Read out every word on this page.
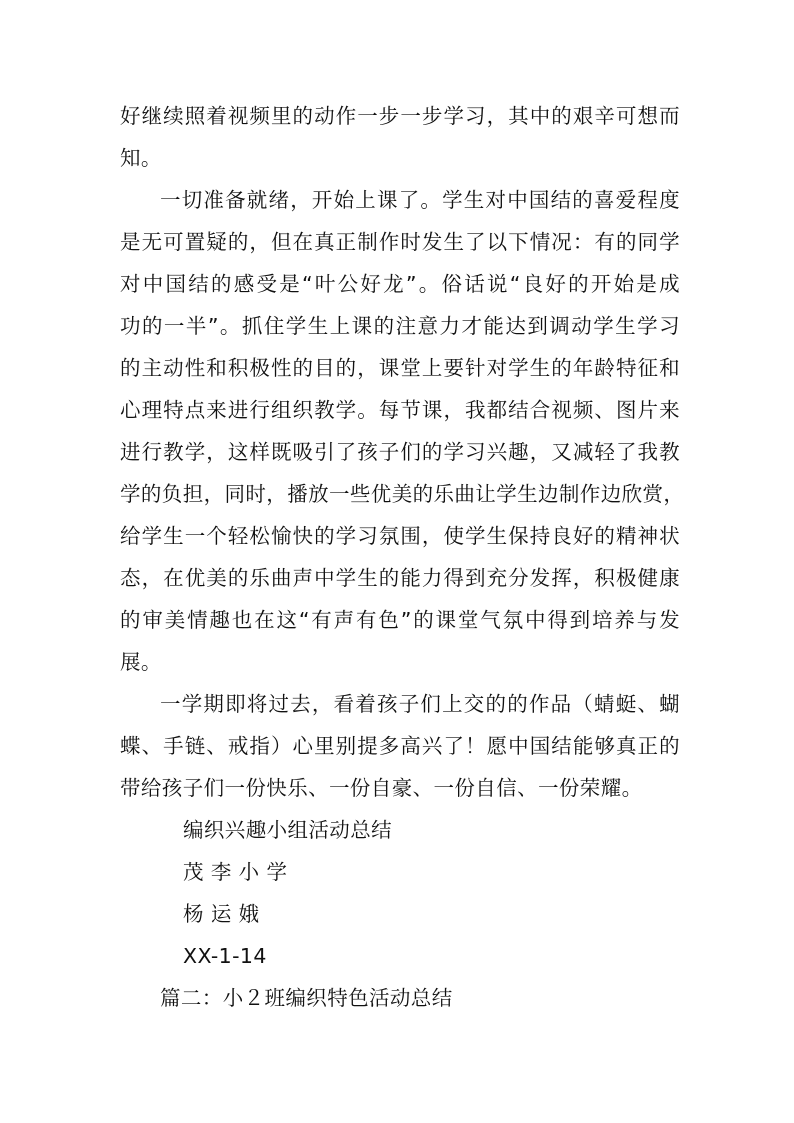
好继续照着视频里的动作一步一步学习，其中的艰辛可想而
知。
一切准备就绪，开始上课了。学生对中国结的喜爱程度
是无可置疑的，但在真正制作时发生了以下情况：有的同学
对中国结的感受是“叶公好龙”。俗话说“良好的开始是成
功的一半”。抓住学生上课的注意力才能达到调动学生学习
的主动性和积极性的目的，课堂上要针对学生的年龄特征和
心理特点来进行组织教学。每节课，我都结合视频、图片来
进行教学，这样既吸引了孩子们的学习兴趣，又减轻了我教
学的负担，同时，播放一些优美的乐曲让学生边制作边欣赏，
给学生一个轻松愉快的学习氛围，使学生保持良好的精神状
态，在优美的乐曲声中学生的能力得到充分发挥，积极健康
的审美情趣也在这“有声有色”的课堂气氛中得到培养与发
展。
一学期即将过去，看着孩子们上交的的作品（蜻蜓、蝴
蝶、手链、戒指）心里别提多高兴了！愿中国结能够真正的
带给孩子们一份快乐、一份自豪、一份自信、一份荣耀。
编织兴趣小组活动总结
茂 李 小 学
杨 运 娥
XX-1-14
篇二：小２班编织特色活动总结
